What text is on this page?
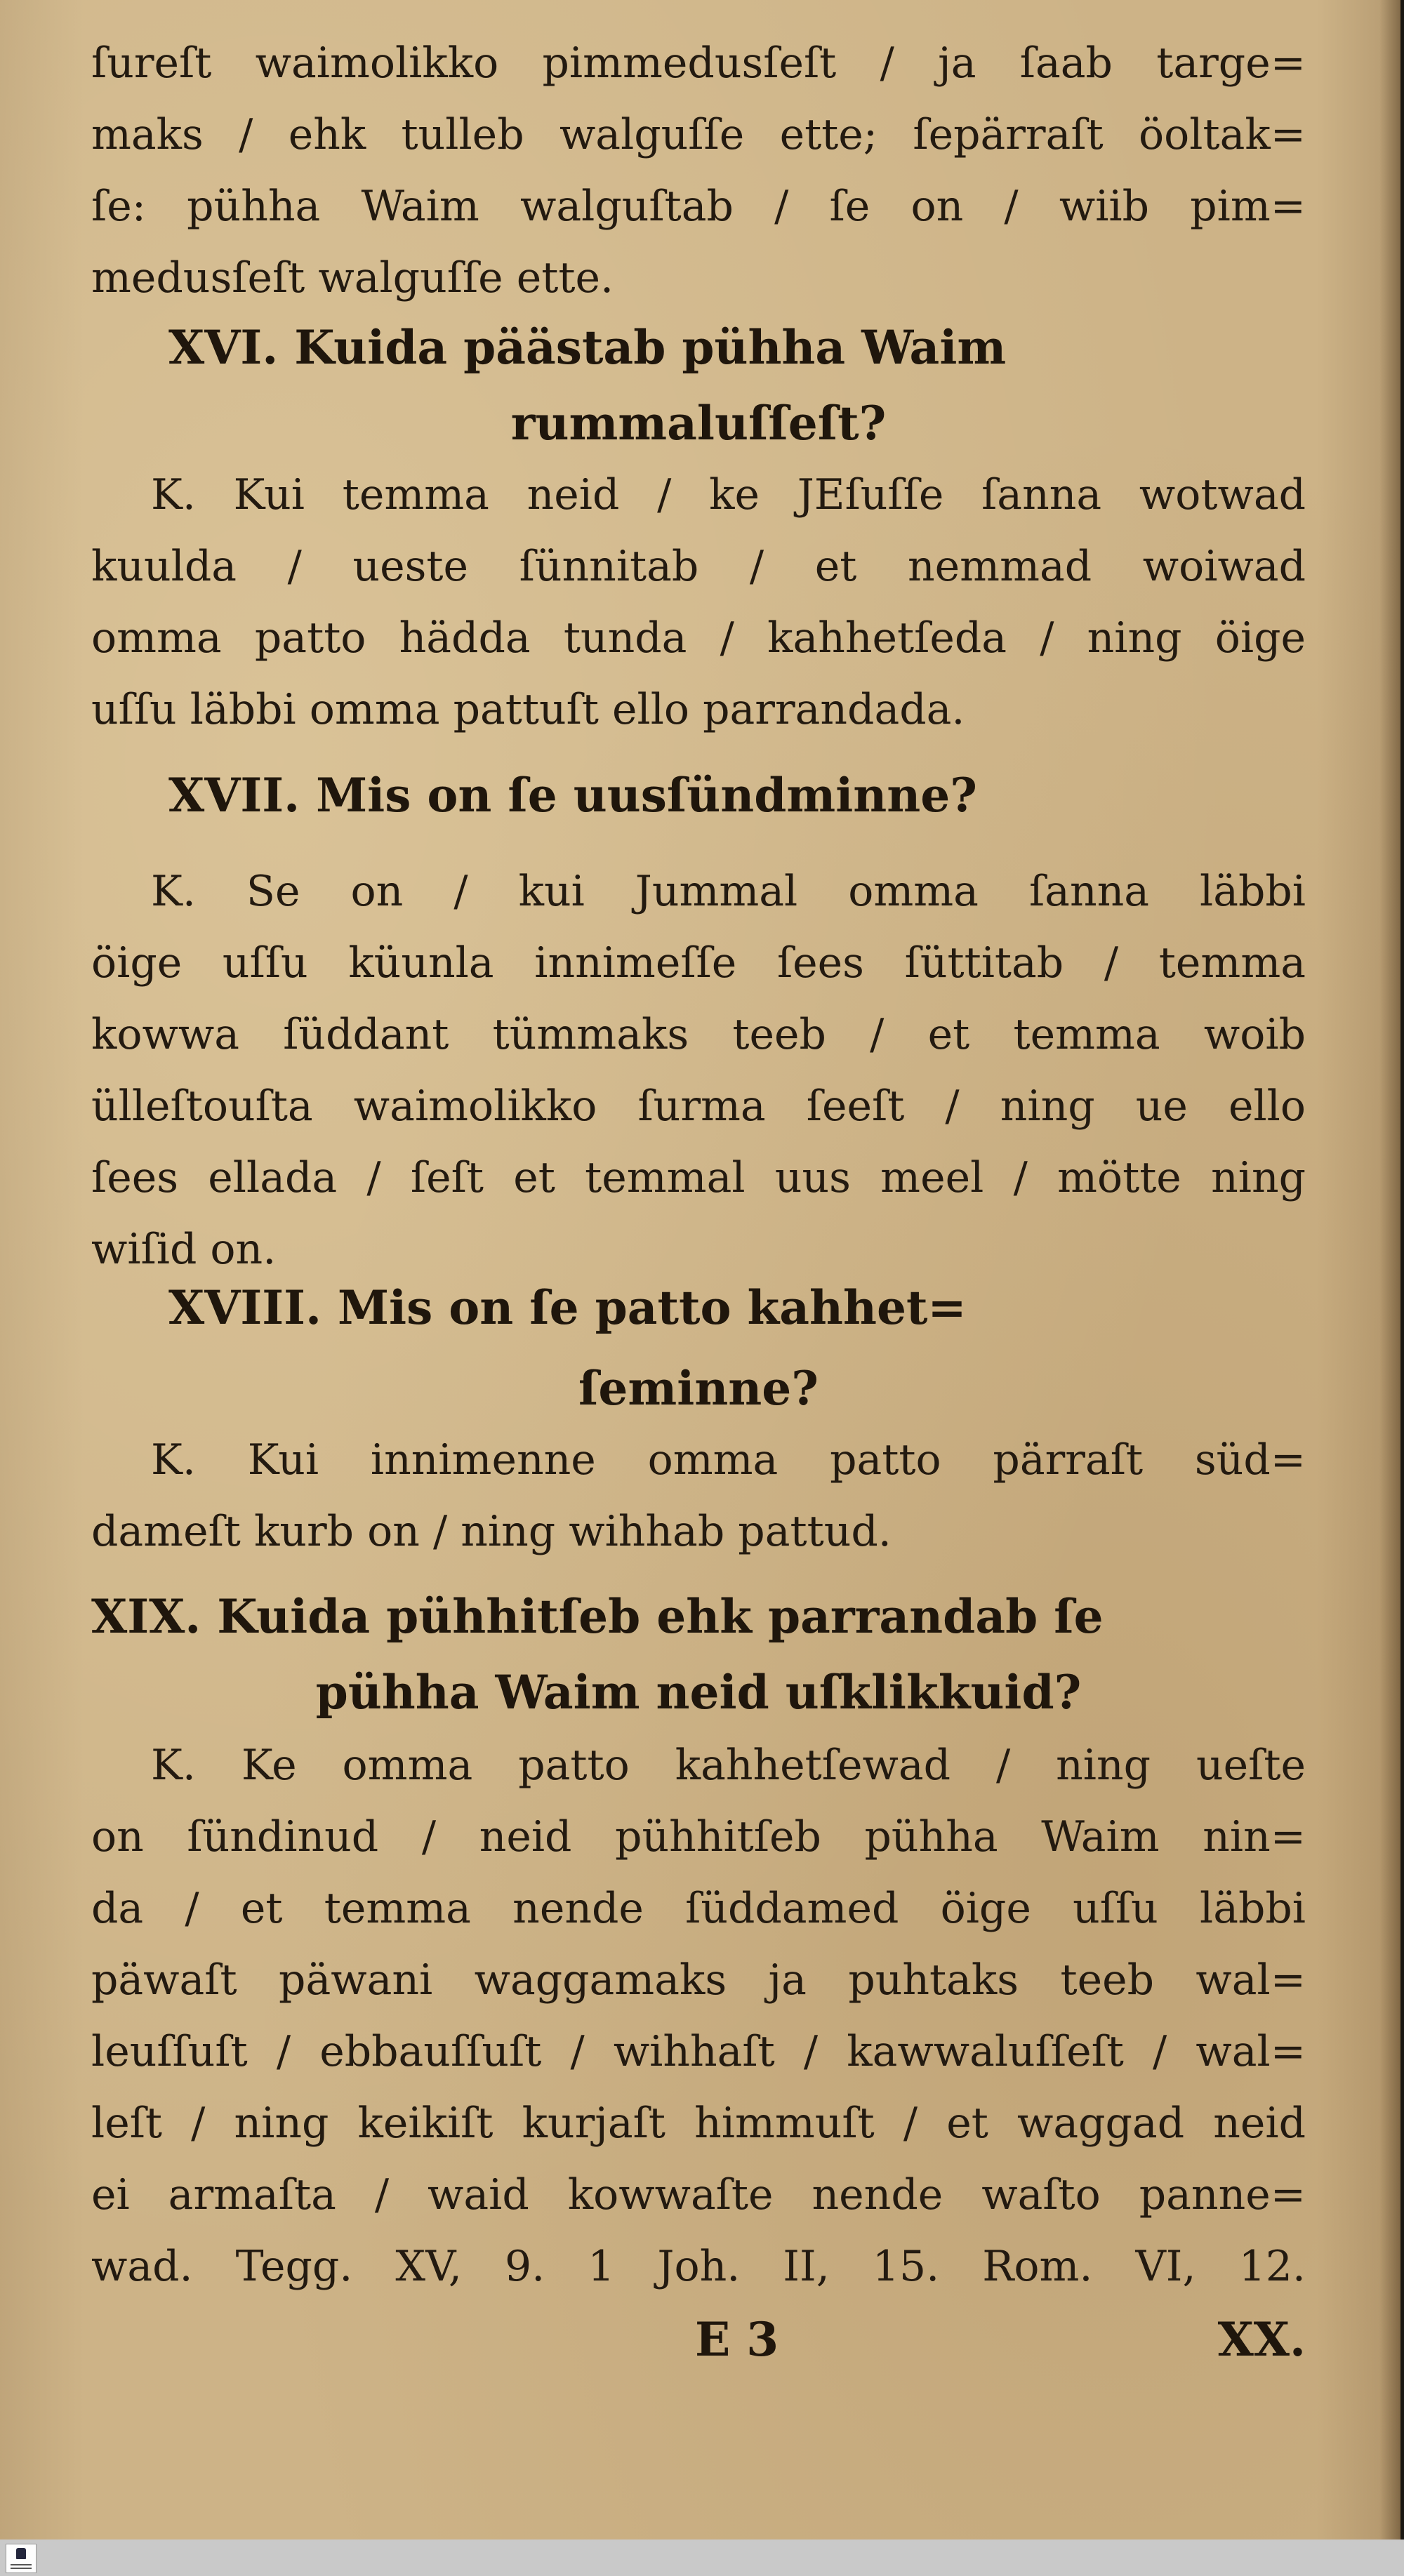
ſureſt waimolikko pimmedusſeſt / ja ſaab targe=

maks / ehk tulleb walguſſe ette; ſepärraſt öoltak=

ſe: pühha Waim walguſtab / ſe on / wiib pim=

medusſeſt walguſſe ette.

XVI. Kuida päästab pühha Waim

rummaluſſeſt?

K. Kui temma neid / ke JEſuſſe ſanna wotwad

kuulda / ueste ſünnitab / et nemmad woiwad

omma patto hädda tunda / kahhetſeda / ning öige

uſſu läbbi omma pattuſt ello parrandada.

XVII. Mis on ſe uusſündminne?

K. Se on / kui Jummal omma ſanna läbbi

öige uſſu küunla innimeſſe ſees ſüttitab / temma

kowwa ſüddant tümmaks teeb / et temma woib

ülleſtouſta waimolikko ſurma ſeeſt / ning ue ello

ſees ellada / ſeſt et temmal uus meel / mötte ning

wiſid on.

XVIII. Mis on ſe patto kahhet=

ſeminne?

K. Kui innimenne omma patto pärraſt süd=

dameſt kurb on / ning wihhab pattud.

XIX. Kuida pühhitſeb ehk parrandab ſe

pühha Waim neid uſklikkuid?

K. Ke omma patto kahhetſewad / ning ueſte

on ſündinud / neid pühhitſeb pühha Waim nin=

da / et temma nende ſüddamed öige uſſu läbbi

päwaſt päwani waggamaks ja puhtaks teeb wal=

leuſſuſt / ebbauſſuſt / wihhaſt / kawwaluſſeſt / wal=

leſt / ning keikiſt kurjaſt himmuſt / et waggad neid

ei armaſta / waid kowwaſte nende waſto panne=

wad. Tegg. XV, 9. 1 Joh. II, 15. Rom. VI, 12.

E 3	XX.
